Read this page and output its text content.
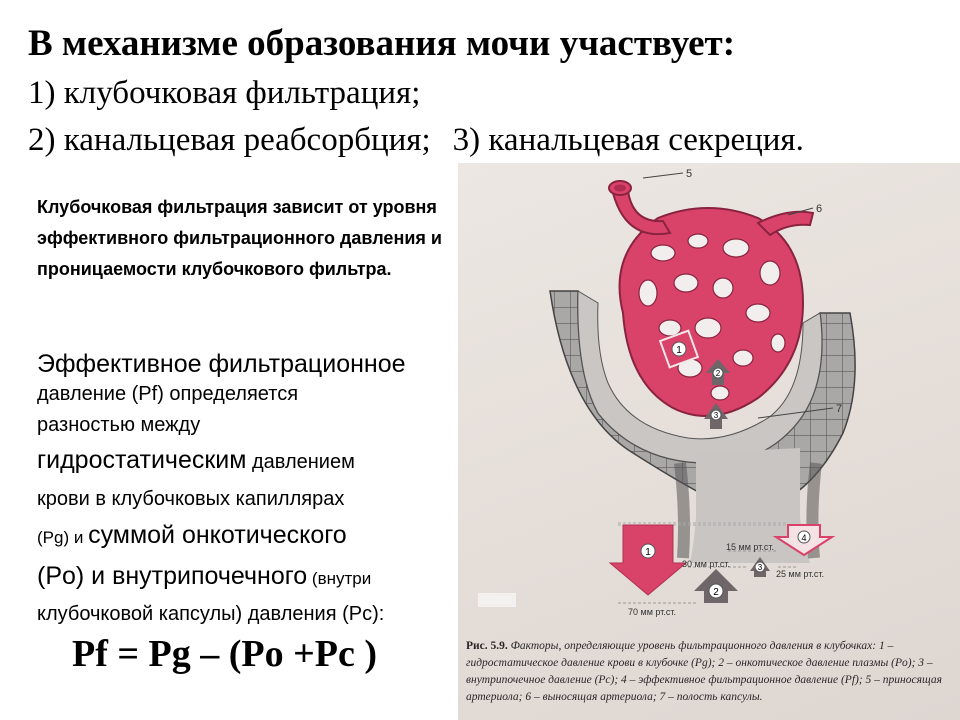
В механизме образования мочи участвует:
1) клубочковая фильтрация;
2) канальцевая реабсорбция; 3) канальцевая секреция.
Клубочковая фильтрация зависит от уровня эффективного фильтрационного давления и проницаемости клубочкового фильтра.
Эффективное фильтрационное
давление (Pf) определяется
разностью между
гидростатическим давлением
крови в клубочковых капиллярах
(Pg) и суммой онкотического
(Po) и внутрипочечного (внутри
клубочковой капсулы) давления (Pc):
Pf = Pg – (Po +Pc )
5
6
7
1
2
3
1
4
3
2
15 мм рт.ст.
30 мм рт.ст.
25 мм рт.ст.
70 мм рт.ст.
Рис. 5.9. Факторы, определяющие уровень фильтрационного давления в клубочках: 1 – гидростатическое давление крови в клубочке (Pg); 2 – онкотическое давление плазмы (Po); 3 – внутрипочечное давление (Pc); 4 – эффективное фильтрационное давление (Pf); 5 – приносящая артериола; 6 – выносящая артериола; 7 – полость капсулы.
